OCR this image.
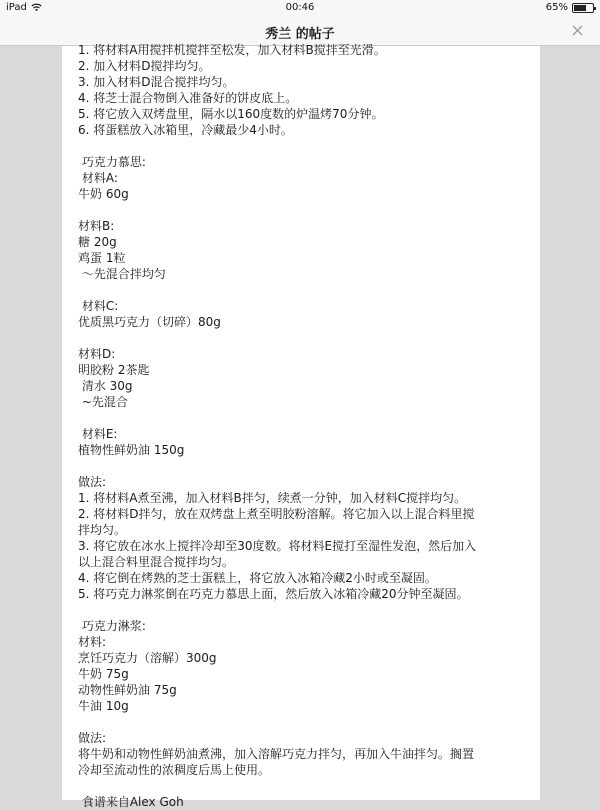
iPad	00:46	65%
秀兰 的帖子
1. 将材料A用搅拌机搅拌至松发，加入材料B搅拌至光滑。
2. 加入材料D搅拌均匀。
3. 加入材料D混合搅拌均匀。
4. 将芝士混合物倒入准备好的饼皮底上。
5. 将它放入双烤盘里，隔水以160度数的炉温烤70分钟。
6. 将蛋糕放入冰箱里，冷藏最少4小时。
巧克力慕思:
材料A:
牛奶 60g
材料B:
糖 20g
鸡蛋 1粒
～先混合拌均匀
材料C:
优质黑巧克力（切碎）80g
材料D:
明胶粉 2茶匙
清水 30g
~先混合
材料E:
植物性鲜奶油 150g
做法:
1. 将材料A煮至沸，加入材料B拌匀，续煮一分钟，加入材料C搅拌均匀。
2. 将材料D拌匀，放在双烤盘上煮至明胶粉溶解。将它加入以上混合料里搅
拌均匀。
3. 将它放在冰水上搅拌冷却至30度数。将材料E搅打至湿性发泡，然后加入
以上混合料里混合搅拌均匀。
4. 将它倒在烤熟的芝士蛋糕上，将它放入冰箱冷藏2小时或至凝固。
5. 将巧克力淋浆倒在巧克力慕思上面，然后放入冰箱冷藏20分钟至凝固。
巧克力淋浆:
材料:
烹饪巧克力（溶解）300g
牛奶 75g
动物性鲜奶油 75g
牛油 10g
做法:
将牛奶和动物性鲜奶油煮沸，加入溶解巧克力拌匀，再加入牛油拌匀。搁置
冷却至流动性的浓稠度后馬上使用。
食谱来自Alex Goh
